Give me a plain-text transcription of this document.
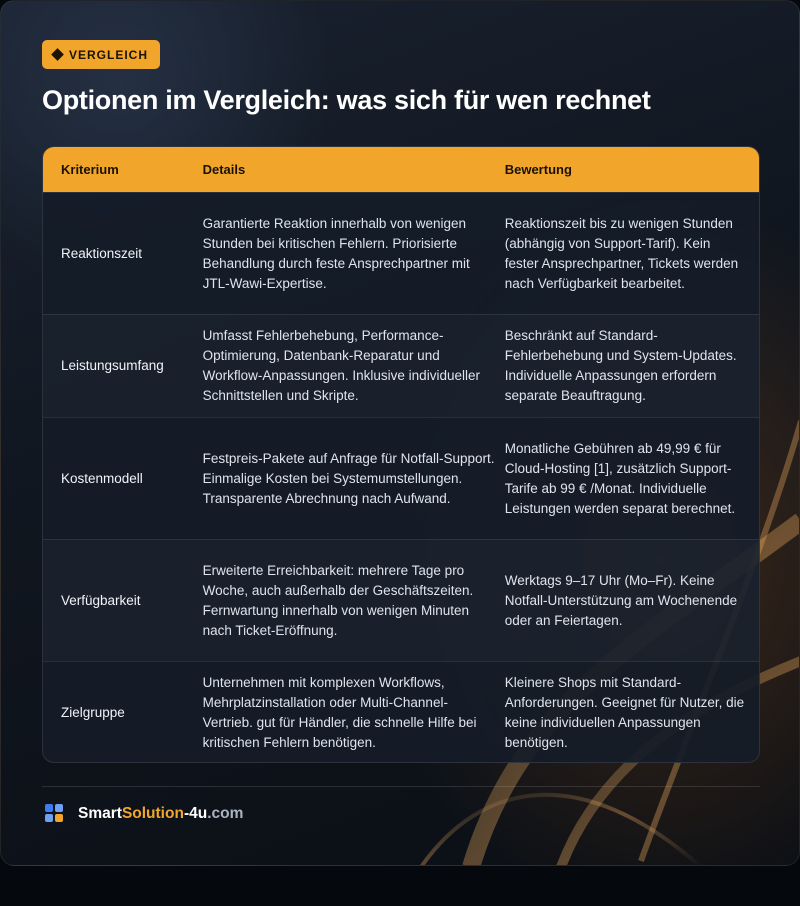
VERGLEICH
Optionen im Vergleich: was sich für wen rechnet
Kriterium	Details	Bewertung
Reaktionszeit
Garantierte Reaktion innerhalb von wenigen Stunden bei kritischen Fehlern. Priorisierte Behandlung durch feste Ansprechpartner mit JTL-Wawi-Expertise.
Reaktionszeit bis zu wenigen Stunden (abhängig von Support-Tarif). Kein fester Ansprechpartner, Tickets werden nach Verfügbarkeit bearbeitet.
Leistungsumfang
Umfasst Fehlerbehebung, Performance-Optimierung, Datenbank-Reparatur und Workflow-Anpassungen. Inklusive individueller Schnittstellen und Skripte.
Beschränkt auf Standard-Fehlerbehebung und System-Updates. Individuelle Anpassungen erfordern separate Beauftragung.
Kostenmodell
Festpreis-Pakete auf Anfrage für Notfall-Support. Einmalige Kosten bei Systemumstellungen. Transparente Abrechnung nach Aufwand.
Monatliche Gebühren ab 49,99 € für Cloud-Hosting [1], zusätzlich Support-Tarife ab 99 € /Monat. Individuelle Leistungen werden separat berechnet.
Verfügbarkeit
Erweiterte Erreichbarkeit: mehrere Tage pro Woche, auch außerhalb der Geschäftszeiten. Fernwartung innerhalb von wenigen Minuten nach Ticket-Eröffnung.
Werktags 9–17 Uhr (Mo–Fr). Keine Notfall-Unterstützung am Wochenende oder an Feiertagen.
Zielgruppe
Unternehmen mit komplexen Workflows, Mehrplatzinstallation oder Multi-Channel-Vertrieb. gut für Händler, die schnelle Hilfe bei kritischen Fehlern benötigen.
Kleinere Shops mit Standard-Anforderungen. Geeignet für Nutzer, die keine individuellen Anpassungen benötigen.
SmartSolution-4u.com
